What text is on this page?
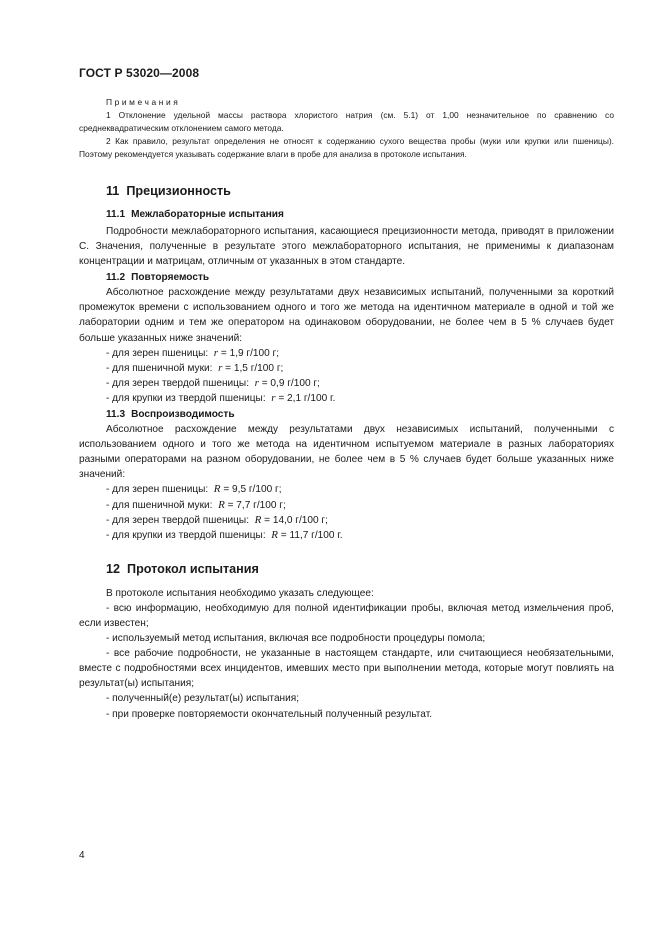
ГОСТ Р 53020—2008
Примечания
1 Отклонение удельной массы раствора хлористого натрия (см. 5.1) от 1,00 незначительное по сравнению со среднеквадратическим отклонением самого метода.
2 Как правило, результат определения не относят к содержанию сухого вещества пробы (муки или крупки или пшеницы). Поэтому рекомендуется указывать содержание влаги в пробе для анализа в протоколе испытания.

11 Прецизионность

11.1 Межлабораторные испытания

Подробности межлабораторного испытания, касающиеся прецизионности метода, приводят в приложении С. Значения, полученные в результате этого межлабораторного испытания, не применимы к диапазонам концентрации и матрицам, отличным от указанных в этом стандарте.

11.2 Повторяемость

Абсолютное расхождение между результатами двух независимых испытаний, полученными за короткий промежуток времени с использованием одного и того же метода на идентичном материале в одной и той же лаборатории одним и тем же оператором на одинаковом оборудовании, не более чем в 5 % случаев будет больше указанных ниже значений:

- для зерен пшеницы: r = 1,9 г/100 г;
- для пшеничной муки: r = 1,5 г/100 г;
- для зерен твердой пшеницы: r = 0,9 г/100 г;
- для крупки из твердой пшеницы: r = 2,1 г/100 г.

11.3 Воспроизводимость

Абсолютное расхождение между результатами двух независимых испытаний, полученными с использованием одного и того же метода на идентичном испытуемом материале в разных лабораториях разными операторами на разном оборудовании, не более чем в 5 % случаев будет больше указанных ниже значений:

- для зерен пшеницы: R = 9,5 г/100 г;
- для пшеничной муки: R = 7,7 г/100 г;
- для зерен твердой пшеницы: R = 14,0 г/100 г;
- для крупки из твердой пшеницы: R = 11,7 г/100 г.

12 Протокол испытания

В протоколе испытания необходимо указать следующее:

- всю информацию, необходимую для полной идентификации пробы, включая метод измельчения проб, если известен;

- используемый метод испытания, включая все подробности процедуры помола;

- все рабочие подробности, не указанные в настоящем стандарте, или считающиеся необязательными, вместе с подробностями всех инцидентов, имевших место при выполнении метода, которые могут повлиять на результат(ы) испытания;

- полученный(е) результат(ы) испытания;

- при проверке повторяемости окончательный полученный результат.

4
